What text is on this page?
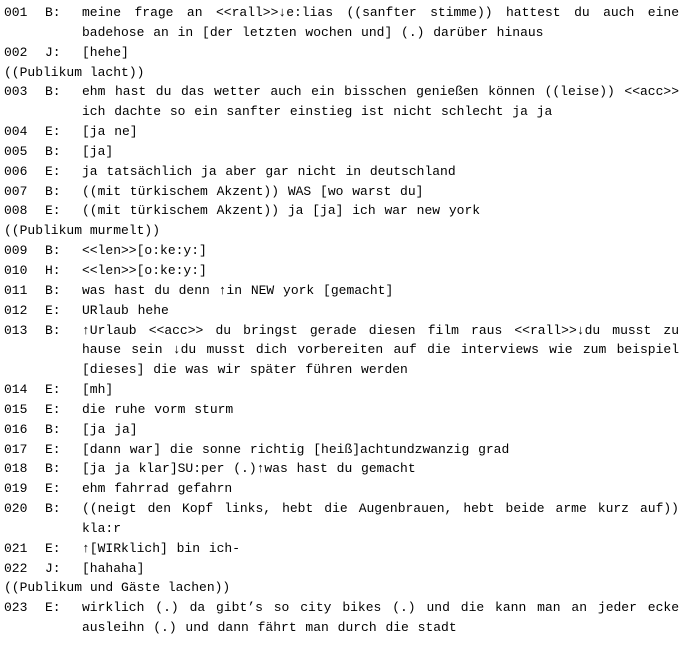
001	B:	meine frage an <<rall>>↓e:lias ((sanfter stimme)) hattest du auch eine badehose an in [der letzten wochen und] (.) darüber hinaus
002	J:	[hehe]
((Publikum lacht))
003	B:	ehm hast du das wetter auch ein bisschen genießen können ((leise)) <<acc>> ich dachte so ein sanfter einstieg ist nicht schlecht ja ja
004	E:	[ja ne]
005	B:	[ja]
006	E:	ja tatsächlich ja aber gar nicht in deutschland
007	B:	((mit türkischem Akzent)) WAS [wo warst du]
008	E:	((mit türkischem Akzent)) ja [ja] ich war new york
((Publikum murmelt))
009	B:	<<len>>[o:ke:y:]
010	H:	<<len>>[o:ke:y:]
011	B:	was hast du denn ↑in NEW york [gemacht]
012	E:	URlaub hehe
013	B:	↑Urlaub <<acc>> du bringst gerade diesen film raus <<rall>>↓du musst zu hause sein ↓du musst dich vorbereiten auf die interviews wie zum beispiel [dieses] die was wir später führen werden
014	E:	[mh]
015	E:	die ruhe vorm sturm
016	B:	[ja ja]
017	E:	[dann war] die sonne richtig [heiß]achtundzwanzig grad
018	B:	[ja ja klar]SU:per (.)↑was hast du gemacht
019	E:	ehm fahrrad gefahrn
020	B:	((neigt den Kopf links, hebt die Augenbrauen, hebt beide arme kurz auf)) kla:r
021	E:	↑[WIRklich] bin ich-
022	J:	[hahaha]
((Publikum und Gäste lachen))
023	E:	wirklich (.) da gibt’s so city bikes (.) und die kann man an jeder ecke ausleihn (.) und dann fährt man durch die stadt
